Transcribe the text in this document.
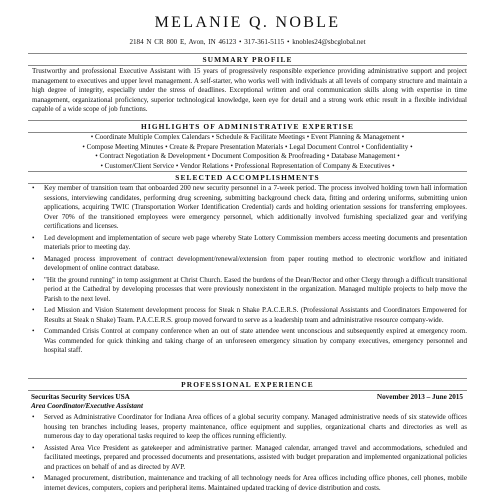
MELANIE Q. NOBLE
2184 N CR 800 E, Avon, IN 46123 • 317-361-5115 • knobles24@sbcglobal.net
SUMMARY PROFILE
Trustworthy and professional Executive Assistant with 15 years of progressively responsible experience providing administrative support and project management to executives and upper level management. A self-starter, who works well with individuals at all levels of company structure and maintain a high degree of integrity, especially under the stress of deadlines. Exceptional written and oral communication skills along with expertise in time management, organizational proficiency, superior technological knowledge, keen eye for detail and a strong work ethic result in a flexible individual capable of a wide scope of job functions.
HIGHLIGHTS OF ADMINISTRATIVE EXPERTISE
• Coordinate Multiple Complex Calendars • Schedule & Facilitate Meetings • Event Planning & Management •
• Compose Meeting Minutes • Create & Prepare Presentation Materials • Legal Document Control • Confidentiality •
• Contract Negotiation & Development • Document Composition & Proofreading • Database Management •
• Customer/Client Service • Vendor Relations • Professional Representation of Company & Executives •
SELECTED ACCOMPLISHMENTS
• Key member of transition team that onboarded 200 new security personnel in a 7-week period. The process involved holding town hall information sessions, interviewing candidates, performing drug screening, submitting background check data, fitting and ordering uniforms, submitting union applications, acquiring TWIC (Transportation Worker Identification Credential) cards and holding orientation sessions for transferring employees. Over 70% of the transitioned employees were emergency personnel, which additionally involved furnishing specialized gear and verifying certifications and licenses.
• Led development and implementation of secure web page whereby State Lottery Commission members access meeting documents and presentation materials prior to meeting day.
• Managed process improvement of contract development/renewal/extension from paper routing method to electronic workflow and initiated development of online contract database.
• "Hit the ground running" in temp assignment at Christ Church. Eased the burdens of the Dean/Rector and other Clergy through a difficult transitional period at the Cathedral by developing processes that were previously nonexistent in the organization. Managed multiple projects to help move the Parish to the next level.
• Led Mission and Vision Statement development process for Steak n Shake P.A.C.E.R.S. (Professional Assistants and Coordinators Empowered for Results at Steak n Shake) Team. P.A.C.E.R.S. group moved forward to serve as a leadership team and administrative resource company-wide.
• Commanded Crisis Control at company conference when an out of state attendee went unconscious and subsequently expired at emergency room. Was commended for quick thinking and taking charge of an unforeseen emergency situation by company executives, emergency personnel and hospital staff.
PROFESSIONAL EXPERIENCE
Securitas Security Services USA	November 2013 – June 2015
Area Coordinator/Executive Assistant
• Served as Administrative Coordinator for Indiana Area offices of a global security company. Managed administrative needs of six statewide offices housing ten branches including leases, property maintenance, office equipment and supplies, organizational charts and directories as well as numerous day to day operational tasks required to keep the offices running efficiently.
• Assisted Area Vice President as gatekeeper and administrative partner. Managed calendar, arranged travel and accommodations, scheduled and facilitated meetings, prepared and processed documents and presentations, assisted with budget preparation and implemented organizational policies and practices on behalf of and as directed by AVP.
• Managed procurement, distribution, maintenance and tracking of all technology needs for Area offices including office phones, cell phones, mobile internet devices, computers, copiers and peripheral items. Maintained updated tracking of device distribution and costs.
